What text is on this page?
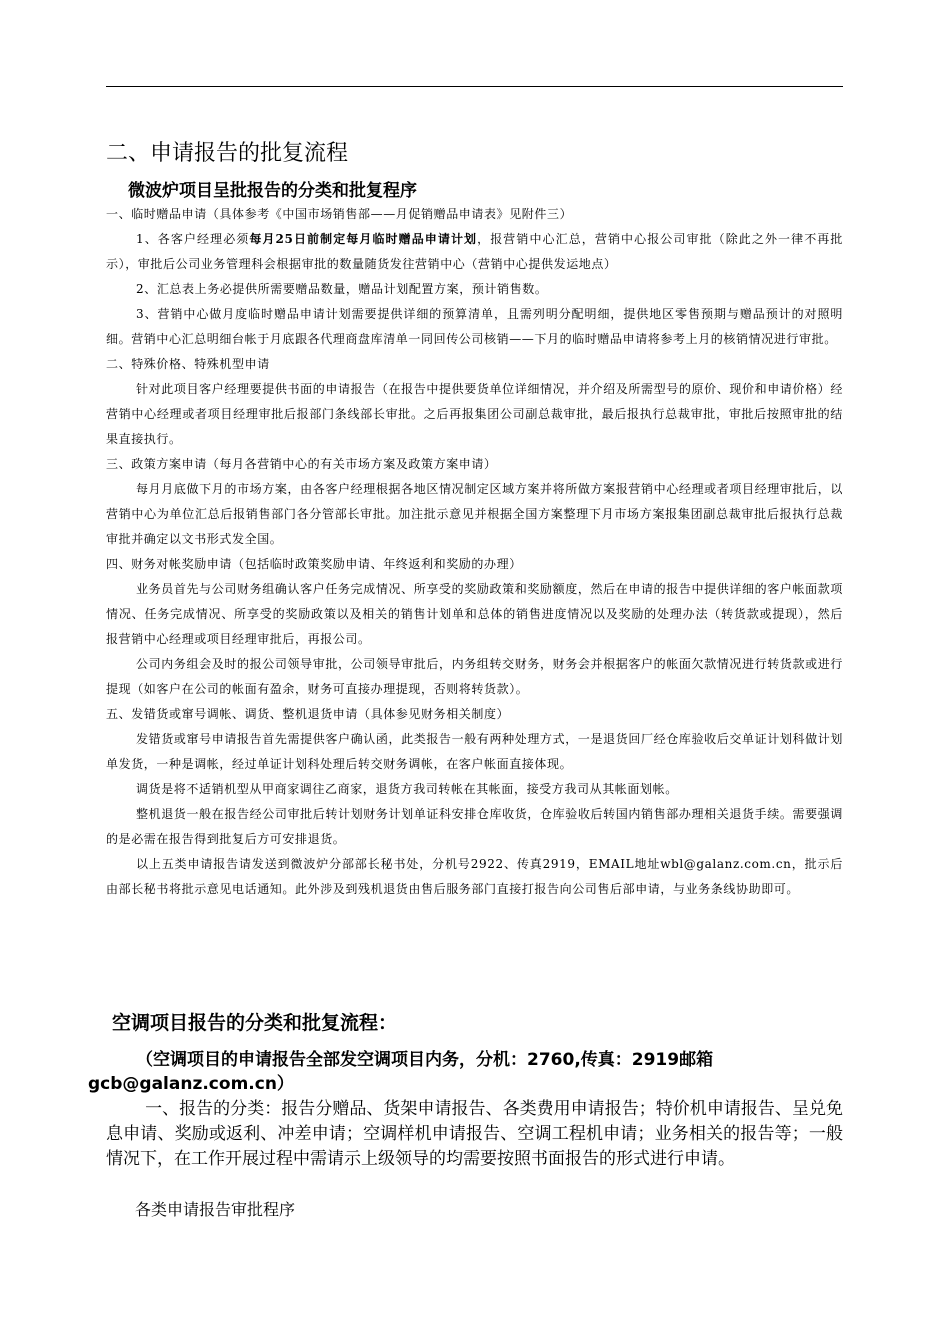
二、申请报告的批复流程
微波炉项目呈批报告的分类和批复程序

一、临时赠品申请（具体参考《中国市场销售部——月促销赠品申请表》见附件三）

1、各客户经理必须每月25日前制定每月临时赠品申请计划，报营销中心汇总，营销中心报公司审批（除此之外一律不再批示），审批后公司业务管理科会根据审批的数量随货发往营销中心（营销中心提供发运地点）

2、汇总表上务必提供所需要赠品数量，赠品计划配置方案，预计销售数。

3、营销中心做月度临时赠品申请计划需要提供详细的预算清单，且需列明分配明细，提供地区零售预期与赠品预计的对照明细。营销中心汇总明细台帐于月底跟各代理商盘库清单一同回传公司核销——下月的临时赠品申请将参考上月的核销情况进行审批。

二、特殊价格、特殊机型申请

针对此项目客户经理要提供书面的申请报告（在报告中提供要货单位详细情况，并介绍及所需型号的原价、现价和申请价格）经营销中心经理或者项目经理审批后报部门条线部长审批。之后再报集团公司副总裁审批，最后报执行总裁审批，审批后按照审批的结果直接执行。

三、政策方案申请（每月各营销中心的有关市场方案及政策方案申请）

每月月底做下月的市场方案，由各客户经理根据各地区情况制定区域方案并将所做方案报营销中心经理或者项目经理审批后，以营销中心为单位汇总后报销售部门各分管部长审批。加注批示意见并根据全国方案整理下月市场方案报集团副总裁审批后报执行总裁审批并确定以文书形式发全国。

四、财务对帐奖励申请（包括临时政策奖励申请、年终返利和奖励的办理）

业务员首先与公司财务组确认客户任务完成情况、所享受的奖励政策和奖励额度，然后在申请的报告中提供详细的客户帐面款项情况、任务完成情况、所享受的奖励政策以及相关的销售计划单和总体的销售进度情况以及奖励的处理办法（转货款或提现），然后报营销中心经理或项目经理审批后，再报公司。

公司内务组会及时的报公司领导审批，公司领导审批后，内务组转交财务，财务会并根据客户的帐面欠款情况进行转货款或进行提现（如客户在公司的帐面有盈余，财务可直接办理提现，否则将转货款）。

五、发错货或窜号调帐、调货、整机退货申请（具体参见财务相关制度）

发错货或窜号申请报告首先需提供客户确认函，此类报告一般有两种处理方式，一是退货回厂经仓库验收后交单证计划科做计划单发货，一种是调帐，经过单证计划科处理后转交财务调帐，在客户帐面直接体现。

调货是将不适销机型从甲商家调往乙商家，退货方我司转帐在其帐面，接受方我司从其帐面划帐。

整机退货一般在报告经公司审批后转计划财务计划单证科安排仓库收货，仓库验收后转国内销售部办理相关退货手续。需要强调的是必需在报告得到批复后方可安排退货。

以上五类申请报告请发送到微波炉分部部长秘书处，分机号2922、传真2919，EMAIL地址wbl@galanz.com.cn，批示后由部长秘书将批示意见电话通知。此外涉及到残机退货由售后服务部门直接打报告向公司售后部申请，与业务条线协助即可。

空调项目报告的分类和批复流程：

（空调项目的申请报告全部发空调项目内务，分机：2760,传真：2919邮箱gcb@galanz.com.cn）

一、报告的分类：报告分赠品、货架申请报告、各类费用申请报告；特价机申请报告、呈兑免息申请、奖励或返利、冲差申请；空调样机申请报告、空调工程机申请；业务相关的报告等；一般情况下，在工作开展过程中需请示上级领导的均需要按照书面报告的形式进行申请。

各类申请报告审批程序
